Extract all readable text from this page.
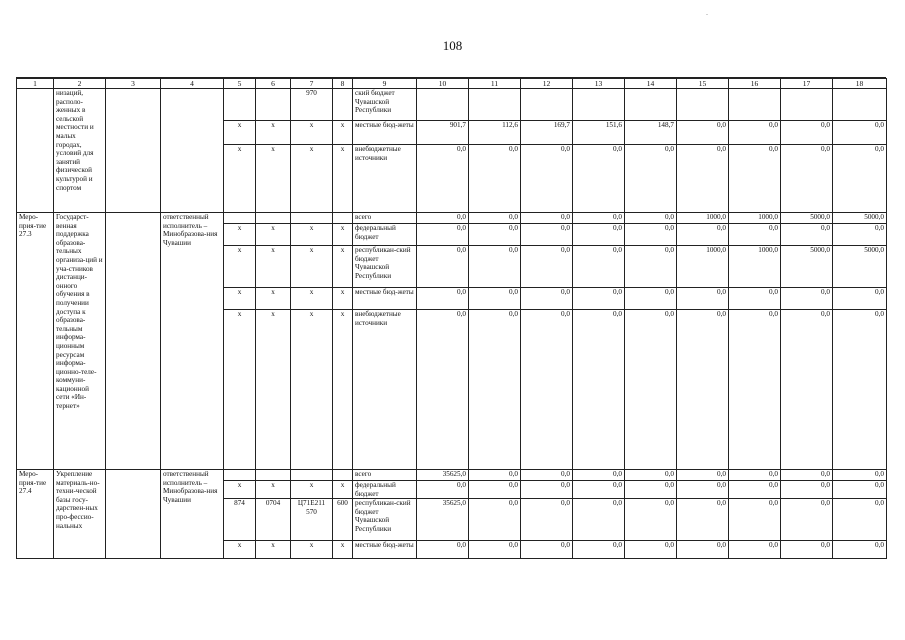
.
108
1	2	3	4	5	6	7	8	9	10	11	12	13	14	15	16	17	18
	низаций, располо-женных в сельской местности и малых городах, условий для занятий физической культурой и спортом					970		ский бюджет Чувашской Республики									
				x	x	x	x	местные бюд-жеты	901,7	112,6	169,7	151,6	148,7	0,0	0,0	0,0	0,0
				x	x	x	x	внебюджетные источники	0,0	0,0	0,0	0,0	0,0	0,0	0,0	0,0	0,0
Меро-прия-тие 27.3	Государст-венная поддержка образова-тельных организа-ций и уча-стников дистанци-онного обучения в получении доступа к образова-тельным информа-ционным ресурсам информа-ционно-теле-коммуни-кационной сети «Ин-тернет»		ответственный исполнитель – Минобразова-ния Чувашии					всего	0,0	0,0	0,0	0,0	0,0	1000,0	1000,0	5000,0	5000,0
				x	x	x	x	федеральный бюджет	0,0	0,0	0,0	0,0	0,0	0,0	0,0	0,0	0,0
				x	x	x	x	республикан-ский бюджет Чувашской Республики	0,0	0,0	0,0	0,0	0,0	1000,0	1000,0	5000,0	5000,0
				x	x	x	x	местные бюд-жеты	0,0	0,0	0,0	0,0	0,0	0,0	0,0	0,0	0,0
				x	x	x	x	внебюджетные источники	0,0	0,0	0,0	0,0	0,0	0,0	0,0	0,0	0,0
Меро-прия-тие 27.4	Укрепление материаль-но-техни-ческой базы госу-дарствен-ных про-фессио-нальных		ответственный исполнитель – Минобразова-ния Чувашии					всего	35625,0	0,0	0,0	0,0	0,0	0,0	0,0	0,0	0,0
				x	x	x	x	федеральный бюджет	0,0	0,0	0,0	0,0	0,0	0,0	0,0	0,0	0,0
				874	0704	Ц71Е211 570	600	республикан-ский бюджет Чувашской Республики	35625,0	0,0	0,0	0,0	0,0	0,0	0,0	0,0	0,0
				x	x	x	x	местные бюд-жеты	0,0	0,0	0,0	0,0	0,0	0,0	0,0	0,0	0,0
